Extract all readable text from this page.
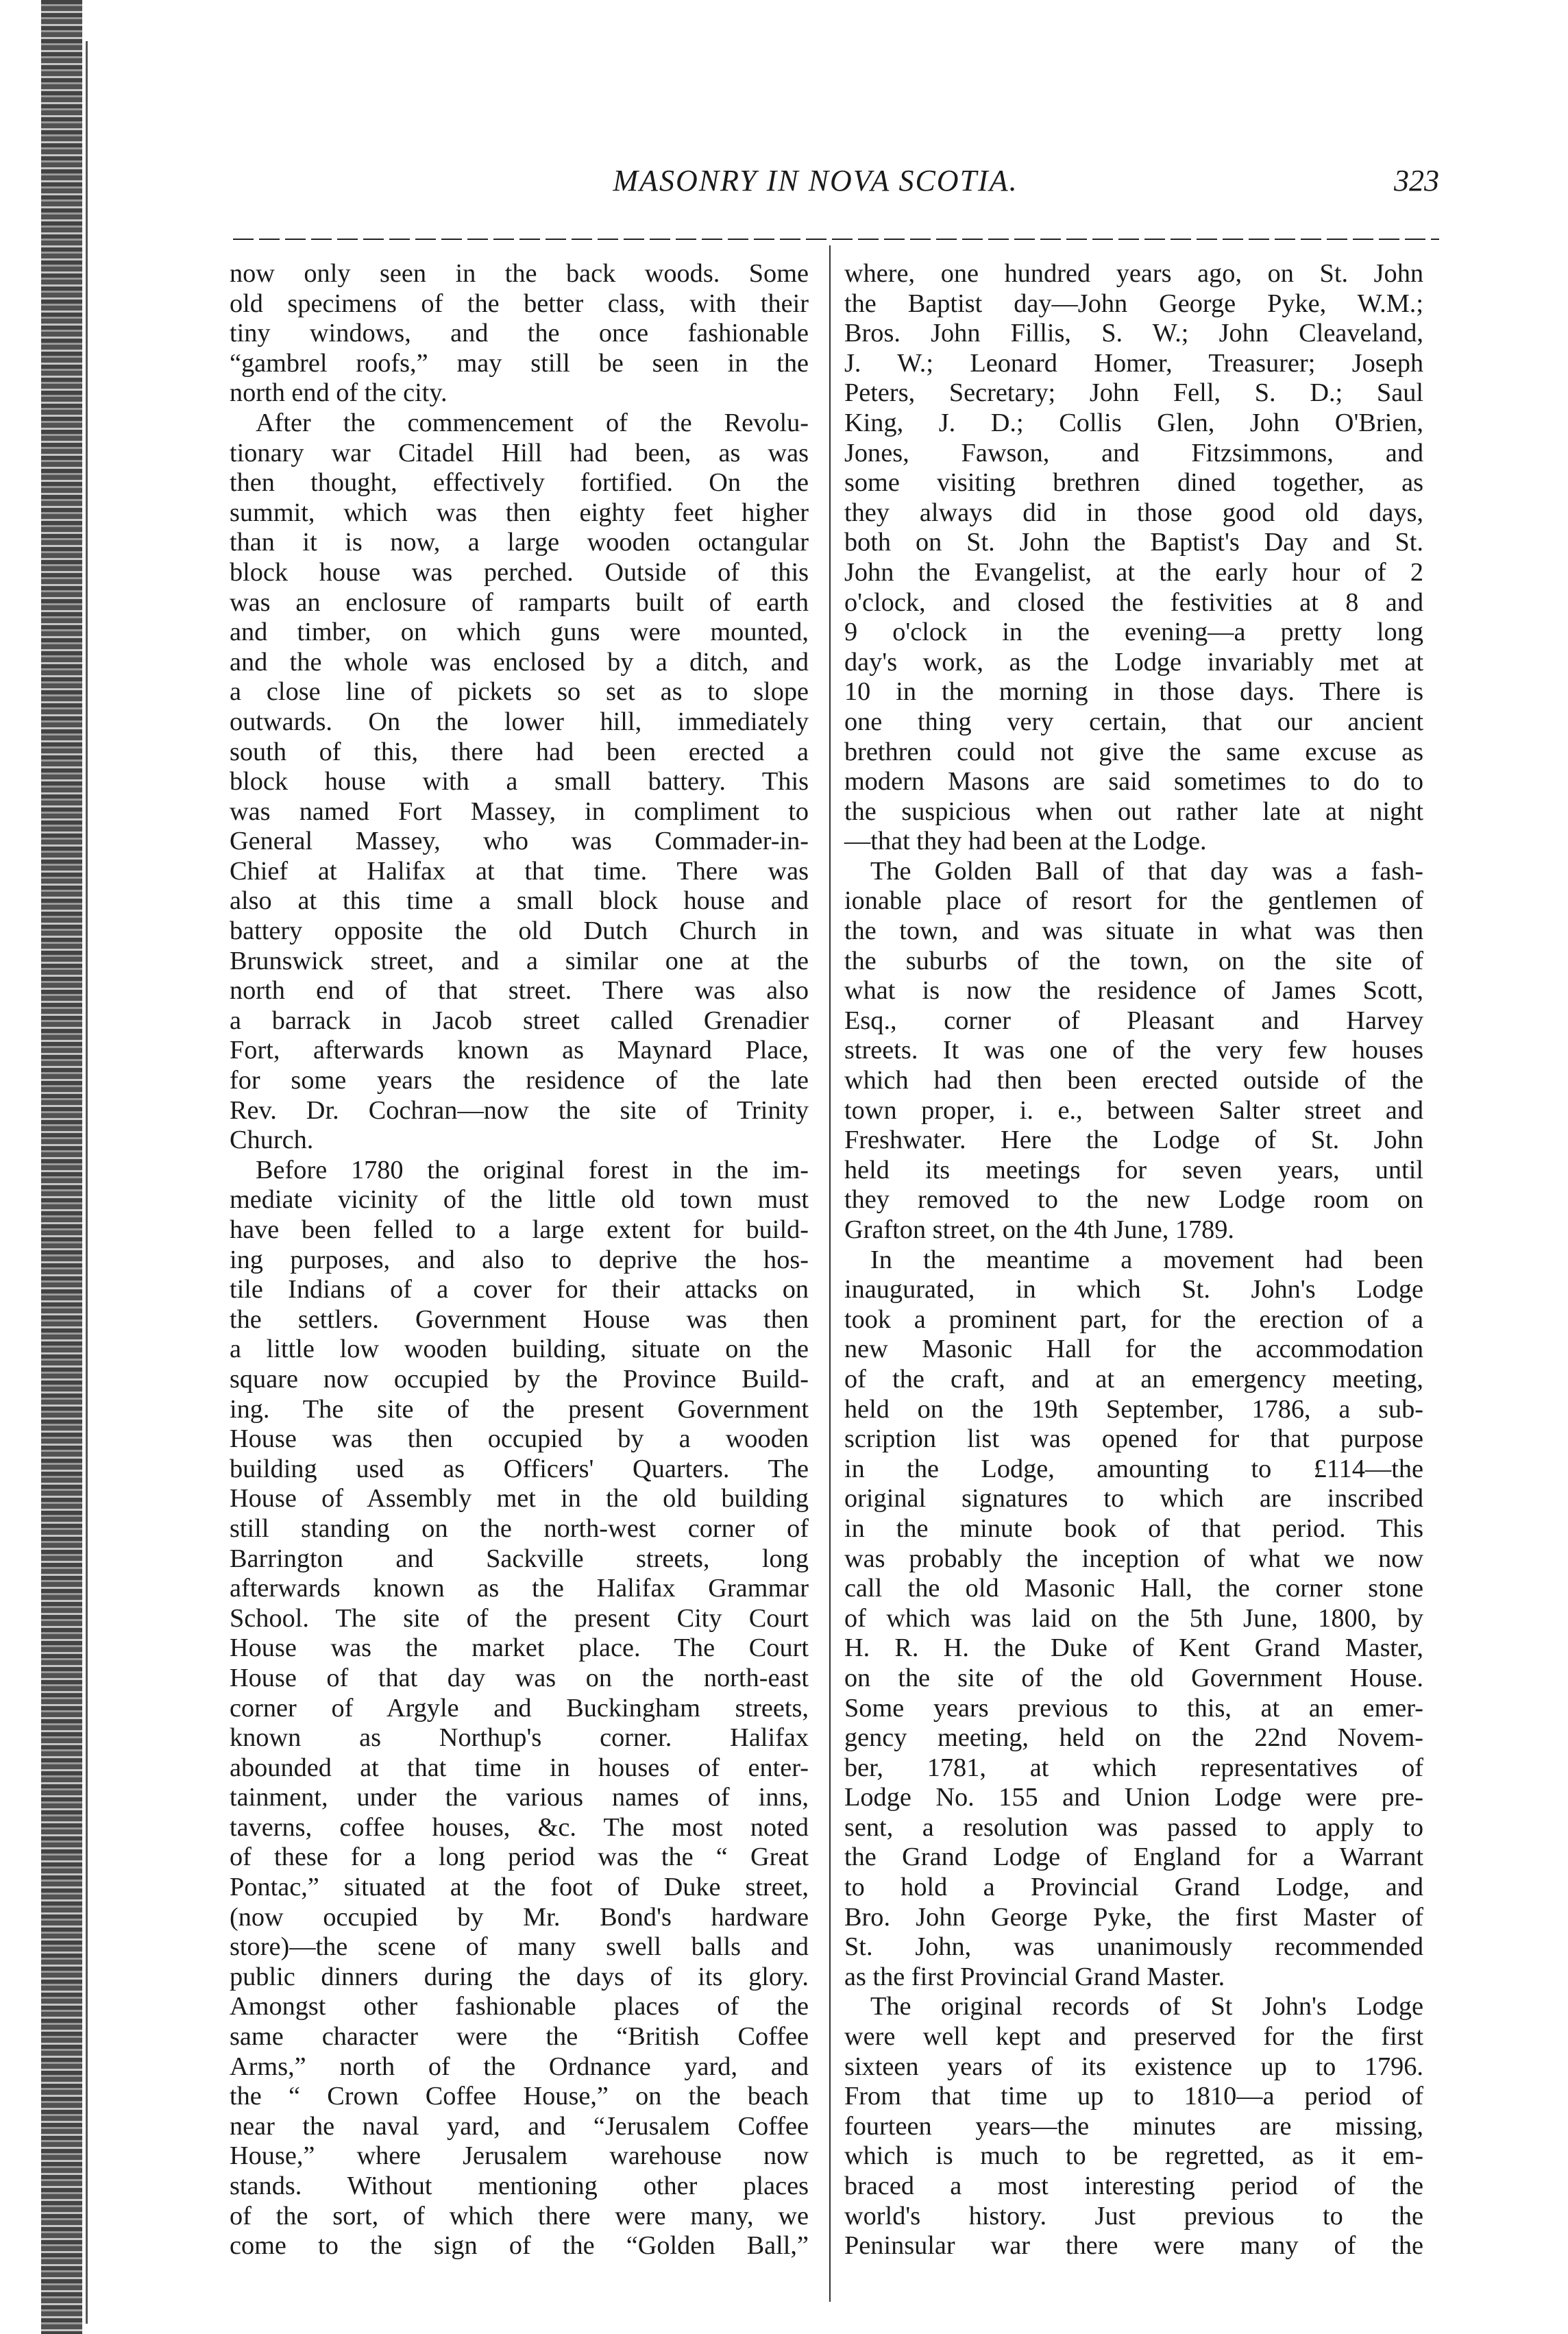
MASONRY IN NOVA SCOTIA.	323
now only seen in the back woods. Some
old specimens of the better class, with their
tiny windows, and the once fashionable
“gambrel roofs,” may still be seen in the
north end of the city.
After the commencement of the Revolu-
tionary war Citadel Hill had been, as was
then thought, effectively fortified. On the
summit, which was then eighty feet higher
than it is now, a large wooden octangular
block house was perched. Outside of this
was an enclosure of ramparts built of earth
and timber, on which guns were mounted,
and the whole was enclosed by a ditch, and
a close line of pickets so set as to slope
outwards. On the lower hill, immediately
south of this, there had been erected a
block house with a small battery. This
was named Fort Massey, in compliment to
General Massey, who was Commader-in-
Chief at Halifax at that time. There was
also at this time a small block house and
battery opposite the old Dutch Church in
Brunswick street, and a similar one at the
north end of that street. There was also
a barrack in Jacob street called Grenadier
Fort, afterwards known as Maynard Place,
for some years the residence of the late
Rev. Dr. Cochran—now the site of Trinity
Church.
Before 1780 the original forest in the im-
mediate vicinity of the little old town must
have been felled to a large extent for build-
ing purposes, and also to deprive the hos-
tile Indians of a cover for their attacks on
the settlers. Government House was then
a little low wooden building, situate on the
square now occupied by the Province Build-
ing. The site of the present Government
House was then occupied by a wooden
building used as Officers' Quarters. The
House of Assembly met in the old building
still standing on the north-west corner of
Barrington and Sackville streets, long
afterwards known as the Halifax Grammar
School. The site of the present City Court
House was the market place. The Court
House of that day was on the north-east
corner of Argyle and Buckingham streets,
known as Northup's corner. Halifax
abounded at that time in houses of enter-
tainment, under the various names of inns,
taverns, coffee houses, &c. The most noted
of these for a long period was the “ Great
Pontac,” situated at the foot of Duke street,
(now occupied by Mr. Bond's hardware
store)—the scene of many swell balls and
public dinners during the days of its glory.
Amongst other fashionable places of the
same character were the “British Coffee
Arms,” north of the Ordnance yard, and
the “ Crown Coffee House,” on the beach
near the naval yard, and “Jerusalem Coffee
House,” where Jerusalem warehouse now
stands. Without mentioning other places
of the sort, of which there were many, we
come to the sign of the “Golden Ball,”
where, one hundred years ago, on St. John
the Baptist day—John George Pyke, W.M.;
Bros. John Fillis, S. W.; John Cleaveland,
J. W.; Leonard Homer, Treasurer; Joseph
Peters, Secretary; John Fell, S. D.; Saul
King, J. D.; Collis Glen, John O'Brien,
Jones, Fawson, and Fitzsimmons, and
some visiting brethren dined together, as
they always did in those good old days,
both on St. John the Baptist's Day and St.
John the Evangelist, at the early hour of 2
o'clock, and closed the festivities at 8 and
9 o'clock in the evening—a pretty long
day's work, as the Lodge invariably met at
10 in the morning in those days. There is
one thing very certain, that our ancient
brethren could not give the same excuse as
modern Masons are said sometimes to do to
the suspicious when out rather late at night
—that they had been at the Lodge.
The Golden Ball of that day was a fash-
ionable place of resort for the gentlemen of
the town, and was situate in what was then
the suburbs of the town, on the site of
what is now the residence of James Scott,
Esq., corner of Pleasant and Harvey
streets. It was one of the very few houses
which had then been erected outside of the
town proper, i. e., between Salter street and
Freshwater. Here the Lodge of St. John
held its meetings for seven years, until
they removed to the new Lodge room on
Grafton street, on the 4th June, 1789.
In the meantime a movement had been
inaugurated, in which St. John's Lodge
took a prominent part, for the erection of a
new Masonic Hall for the accommodation
of the craft, and at an emergency meeting,
held on the 19th September, 1786, a sub-
scription list was opened for that purpose
in the Lodge, amounting to £114—the
original signatures to which are inscribed
in the minute book of that period. This
was probably the inception of what we now
call the old Masonic Hall, the corner stone
of which was laid on the 5th June, 1800, by
H. R. H. the Duke of Kent Grand Master,
on the site of the old Government House.
Some years previous to this, at an emer-
gency meeting, held on the 22nd Novem-
ber, 1781, at which representatives of
Lodge No. 155 and Union Lodge were pre-
sent, a resolution was passed to apply to
the Grand Lodge of England for a Warrant
to hold a Provincial Grand Lodge, and
Bro. John George Pyke, the first Master of
St. John, was unanimously recommended
as the first Provincial Grand Master.
The original records of St John's Lodge
were well kept and preserved for the first
sixteen years of its existence up to 1796.
From that time up to 1810—a period of
fourteen years—the minutes are missing,
which is much to be regretted, as it em-
braced a most interesting period of the
world's history. Just previous to the
Peninsular war there were many of the
